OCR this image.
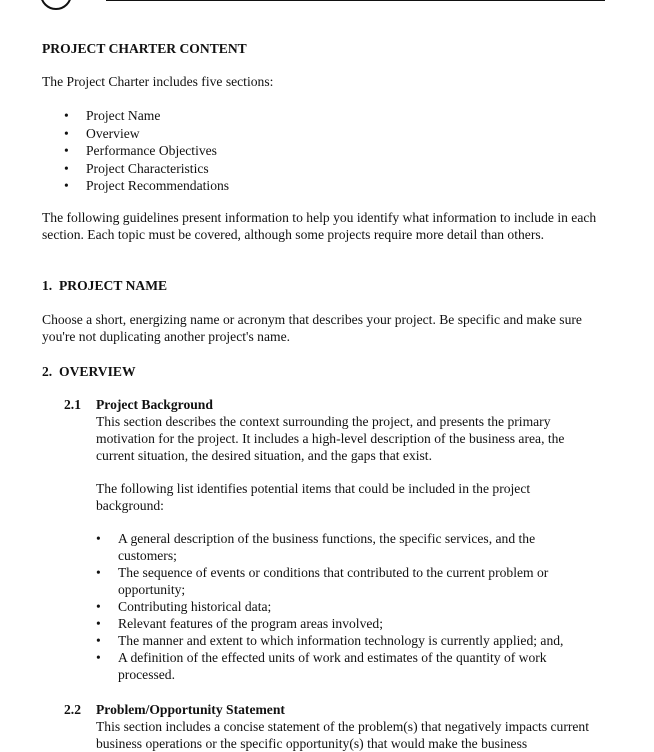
PROJECT CHARTER CONTENT
The Project Charter includes five sections:
• Project Name
• Overview
• Performance Objectives
• Project Characteristics
• Project Recommendations
The following guidelines present information to help you identify what information to include in each section. Each topic must be covered, although some projects require more detail than others.
1.  PROJECT NAME
Choose a short, energizing name or acronym that describes your project. Be specific and make sure you're not duplicating another project's name.
2.  OVERVIEW
2.1 Project Background
This section describes the context surrounding the project, and presents the primary motivation for the project. It includes a high-level description of the business area, the current situation, the desired situation, and the gaps that exist.
The following list identifies potential items that could be included in the project background:
• A general description of the business functions, the specific services, and the customers;
• The sequence of events or conditions that contributed to the current problem or opportunity;
• Contributing historical data;
• Relevant features of the program areas involved;
• The manner and extent to which information technology is currently applied; and,
• A definition of the effected units of work and estimates of the quantity of work processed.
2.2 Problem/Opportunity Statement
This section includes a concise statement of the problem(s) that negatively impacts current business operations or the specific opportunity(s) that would make the business
